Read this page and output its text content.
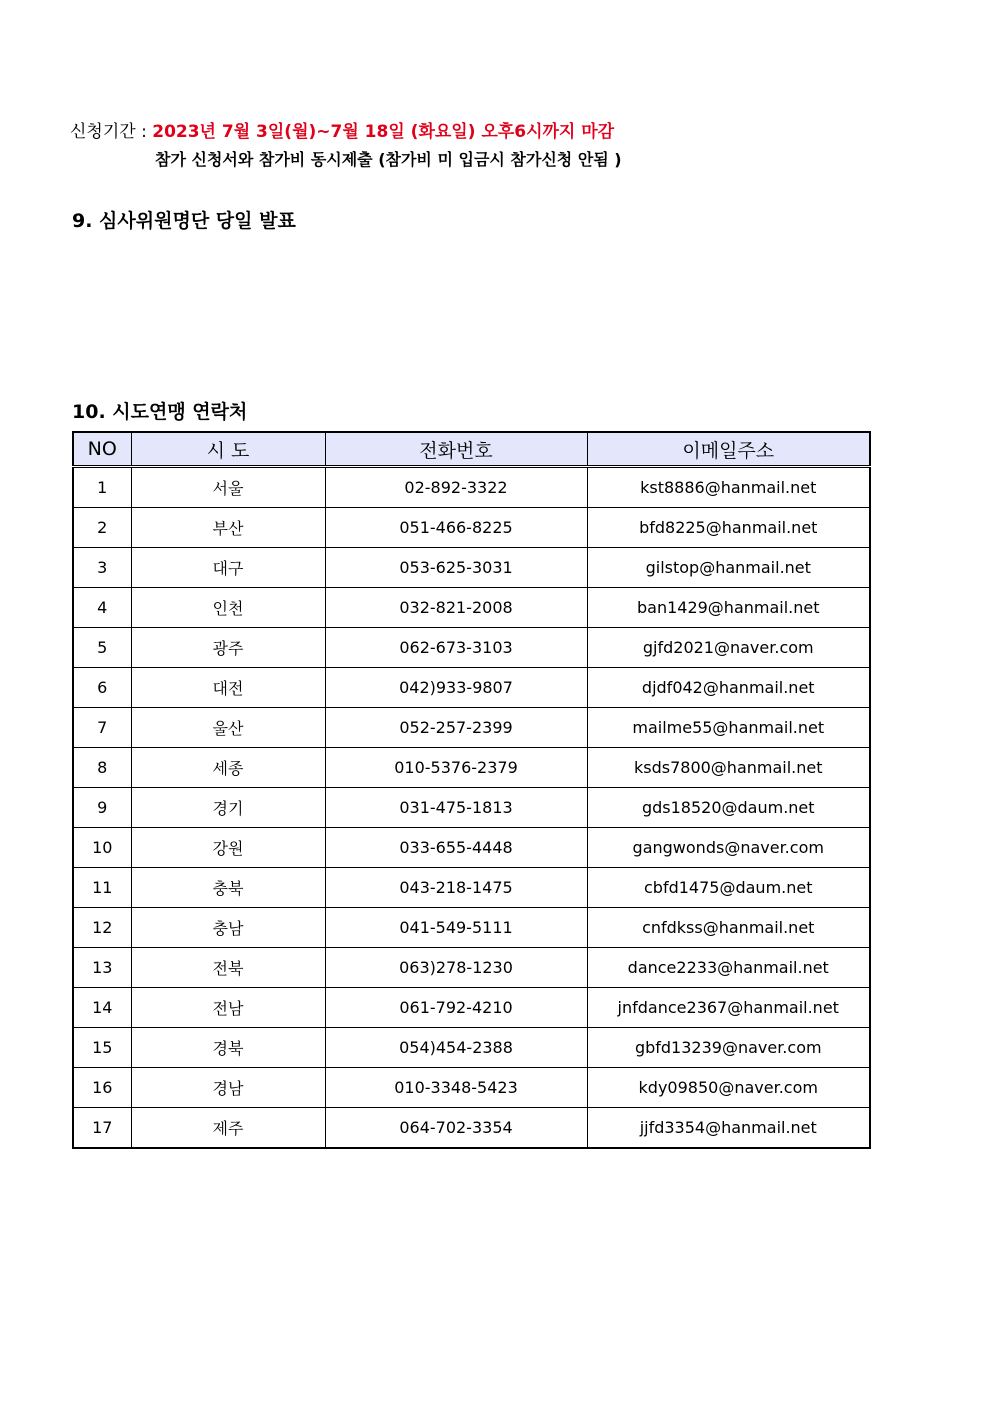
신청기간 : 2023년 7월 3일(월)~7월 18일 (화요일) 오후6시까지 마감
참가 신청서와 참가비 동시제출 (참가비 미 입금시 참가신청 안됨 )
9. 심사위원명단 당일 발표
10. 시도연맹 연락처
NO	시 도	전화번호	이메일주소
1	서울	02-892-3322	kst8886@hanmail.net
2	부산	051-466-8225	bfd8225@hanmail.net
3	대구	053-625-3031	gilstop@hanmail.net
4	인천	032-821-2008	ban1429@hanmail.net
5	광주	062-673-3103	gjfd2021@naver.com
6	대전	042)933-9807	djdf042@hanmail.net
7	울산	052-257-2399	mailme55@hanmail.net
8	세종	010-5376-2379	ksds7800@hanmail.net
9	경기	031-475-1813	gds18520@daum.net
10	강원	033-655-4448	gangwonds@naver.com
11	충북	043-218-1475	cbfd1475@daum.net
12	충남	041-549-5111	cnfdkss@hanmail.net
13	전북	063)278-1230	dance2233@hanmail.net
14	전남	061-792-4210	jnfdance2367@hanmail.net
15	경북	054)454-2388	gbfd13239@naver.com
16	경남	010-3348-5423	kdy09850@naver.com
17	제주	064-702-3354	jjfd3354@hanmail.net
